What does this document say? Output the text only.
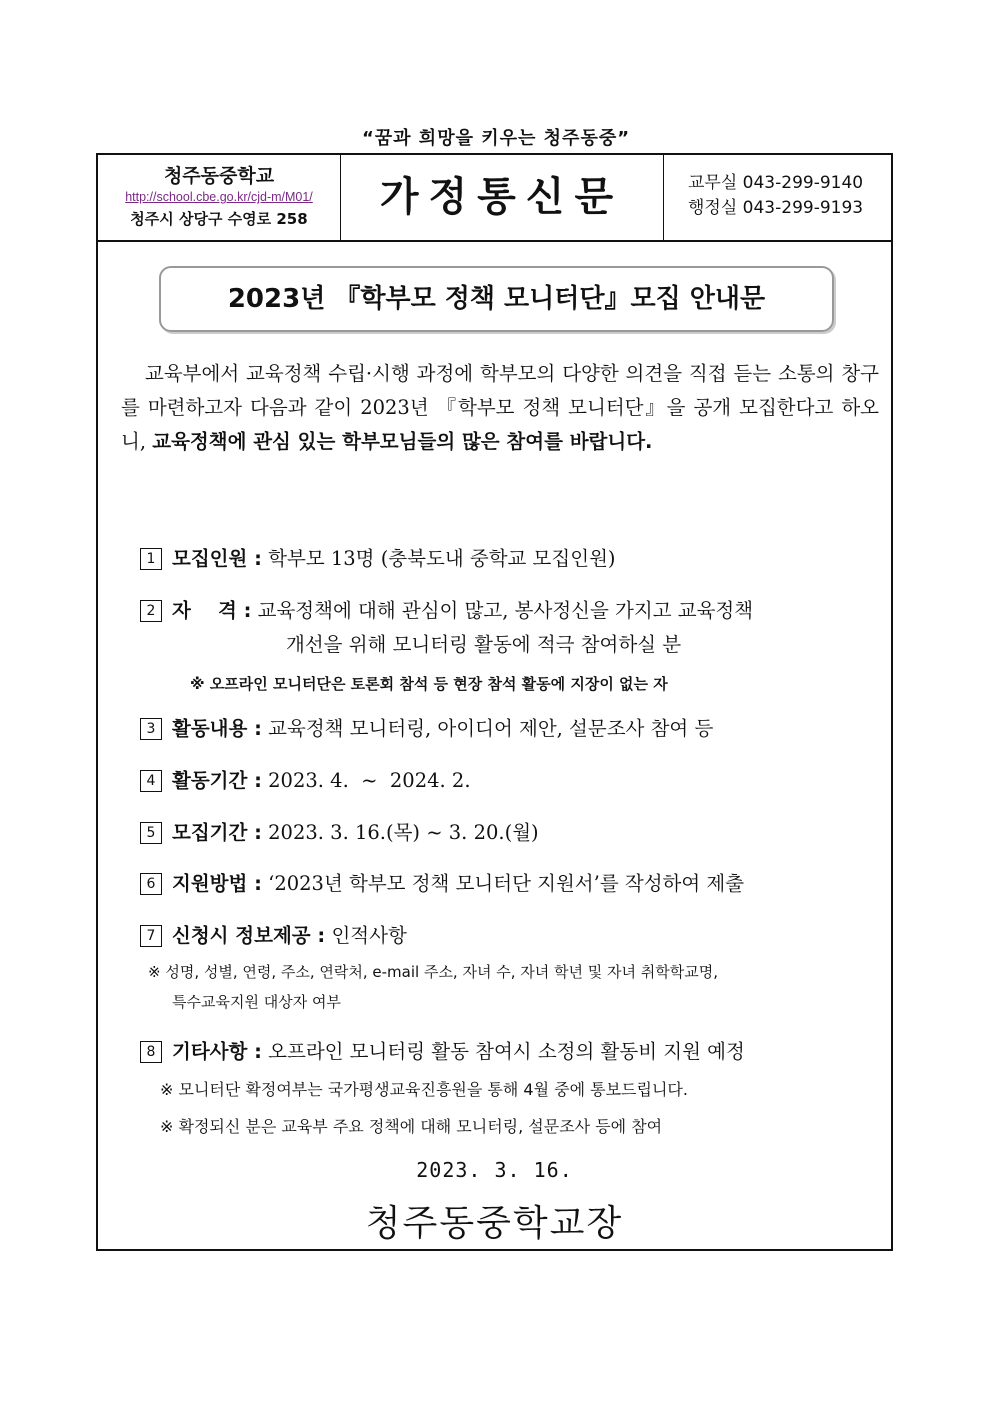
“꿈과 희망을 키우는 청주동중”
청주동중학교
http://school.cbe.go.kr/cjd-m/M01/
청주시 상당구 수영로 258	가정통신문	교무실 043-299-9140
행정실 043-299-9193
2023년 『학부모 정책 모니터단』모집 안내문
교육부에서 교육정책 수립·시행 과정에 학부모의 다양한 의견을 직접 듣는 소통의 창구를 마련하고자 다음과 같이 2023년 『학부모 정책 모니터단』을 공개 모집한다고 하오니, 교육정책에 관심 있는 학부모님들의 많은 참여를 바랍니다.
1 모집인원 : 학부모 13명 (충북도내 중학교 모집인원)
2 자    격 : 교육정책에 대해 관심이 많고, 봉사정신을 가지고 교육정책
개선을 위해 모니터링 활동에 적극 참여하실 분
※ 오프라인 모니터단은 토론회 참석 등 현장 참석 활동에 지장이 없는 자
3 활동내용 : 교육정책 모니터링, 아이디어 제안, 설문조사 참여 등
4 활동기간 : 2023. 4.  ~  2024. 2.
5 모집기간 : 2023. 3. 16.(목) ~ 3. 20.(월)
6 지원방법 : ‘2023년 학부모 정책 모니터단 지원서’를 작성하여 제출
7 신청시 정보제공 : 인적사항
※ 성명, 성별, 연령, 주소, 연락처, e-mail 주소, 자녀 수, 자녀 학년 및 자녀 취학학교명,
특수교육지원 대상자 여부
8 기타사항 : 오프라인 모니터링 활동 참여시 소정의 활동비 지원 예정
※ 모니터단 확정여부는 국가평생교육진흥원을 통해 4월 중에 통보드립니다.
※ 확정되신 분은 교육부 주요 정책에 대해 모니터링, 설문조사 등에 참여
2023. 3. 16.
청주동중학교장
